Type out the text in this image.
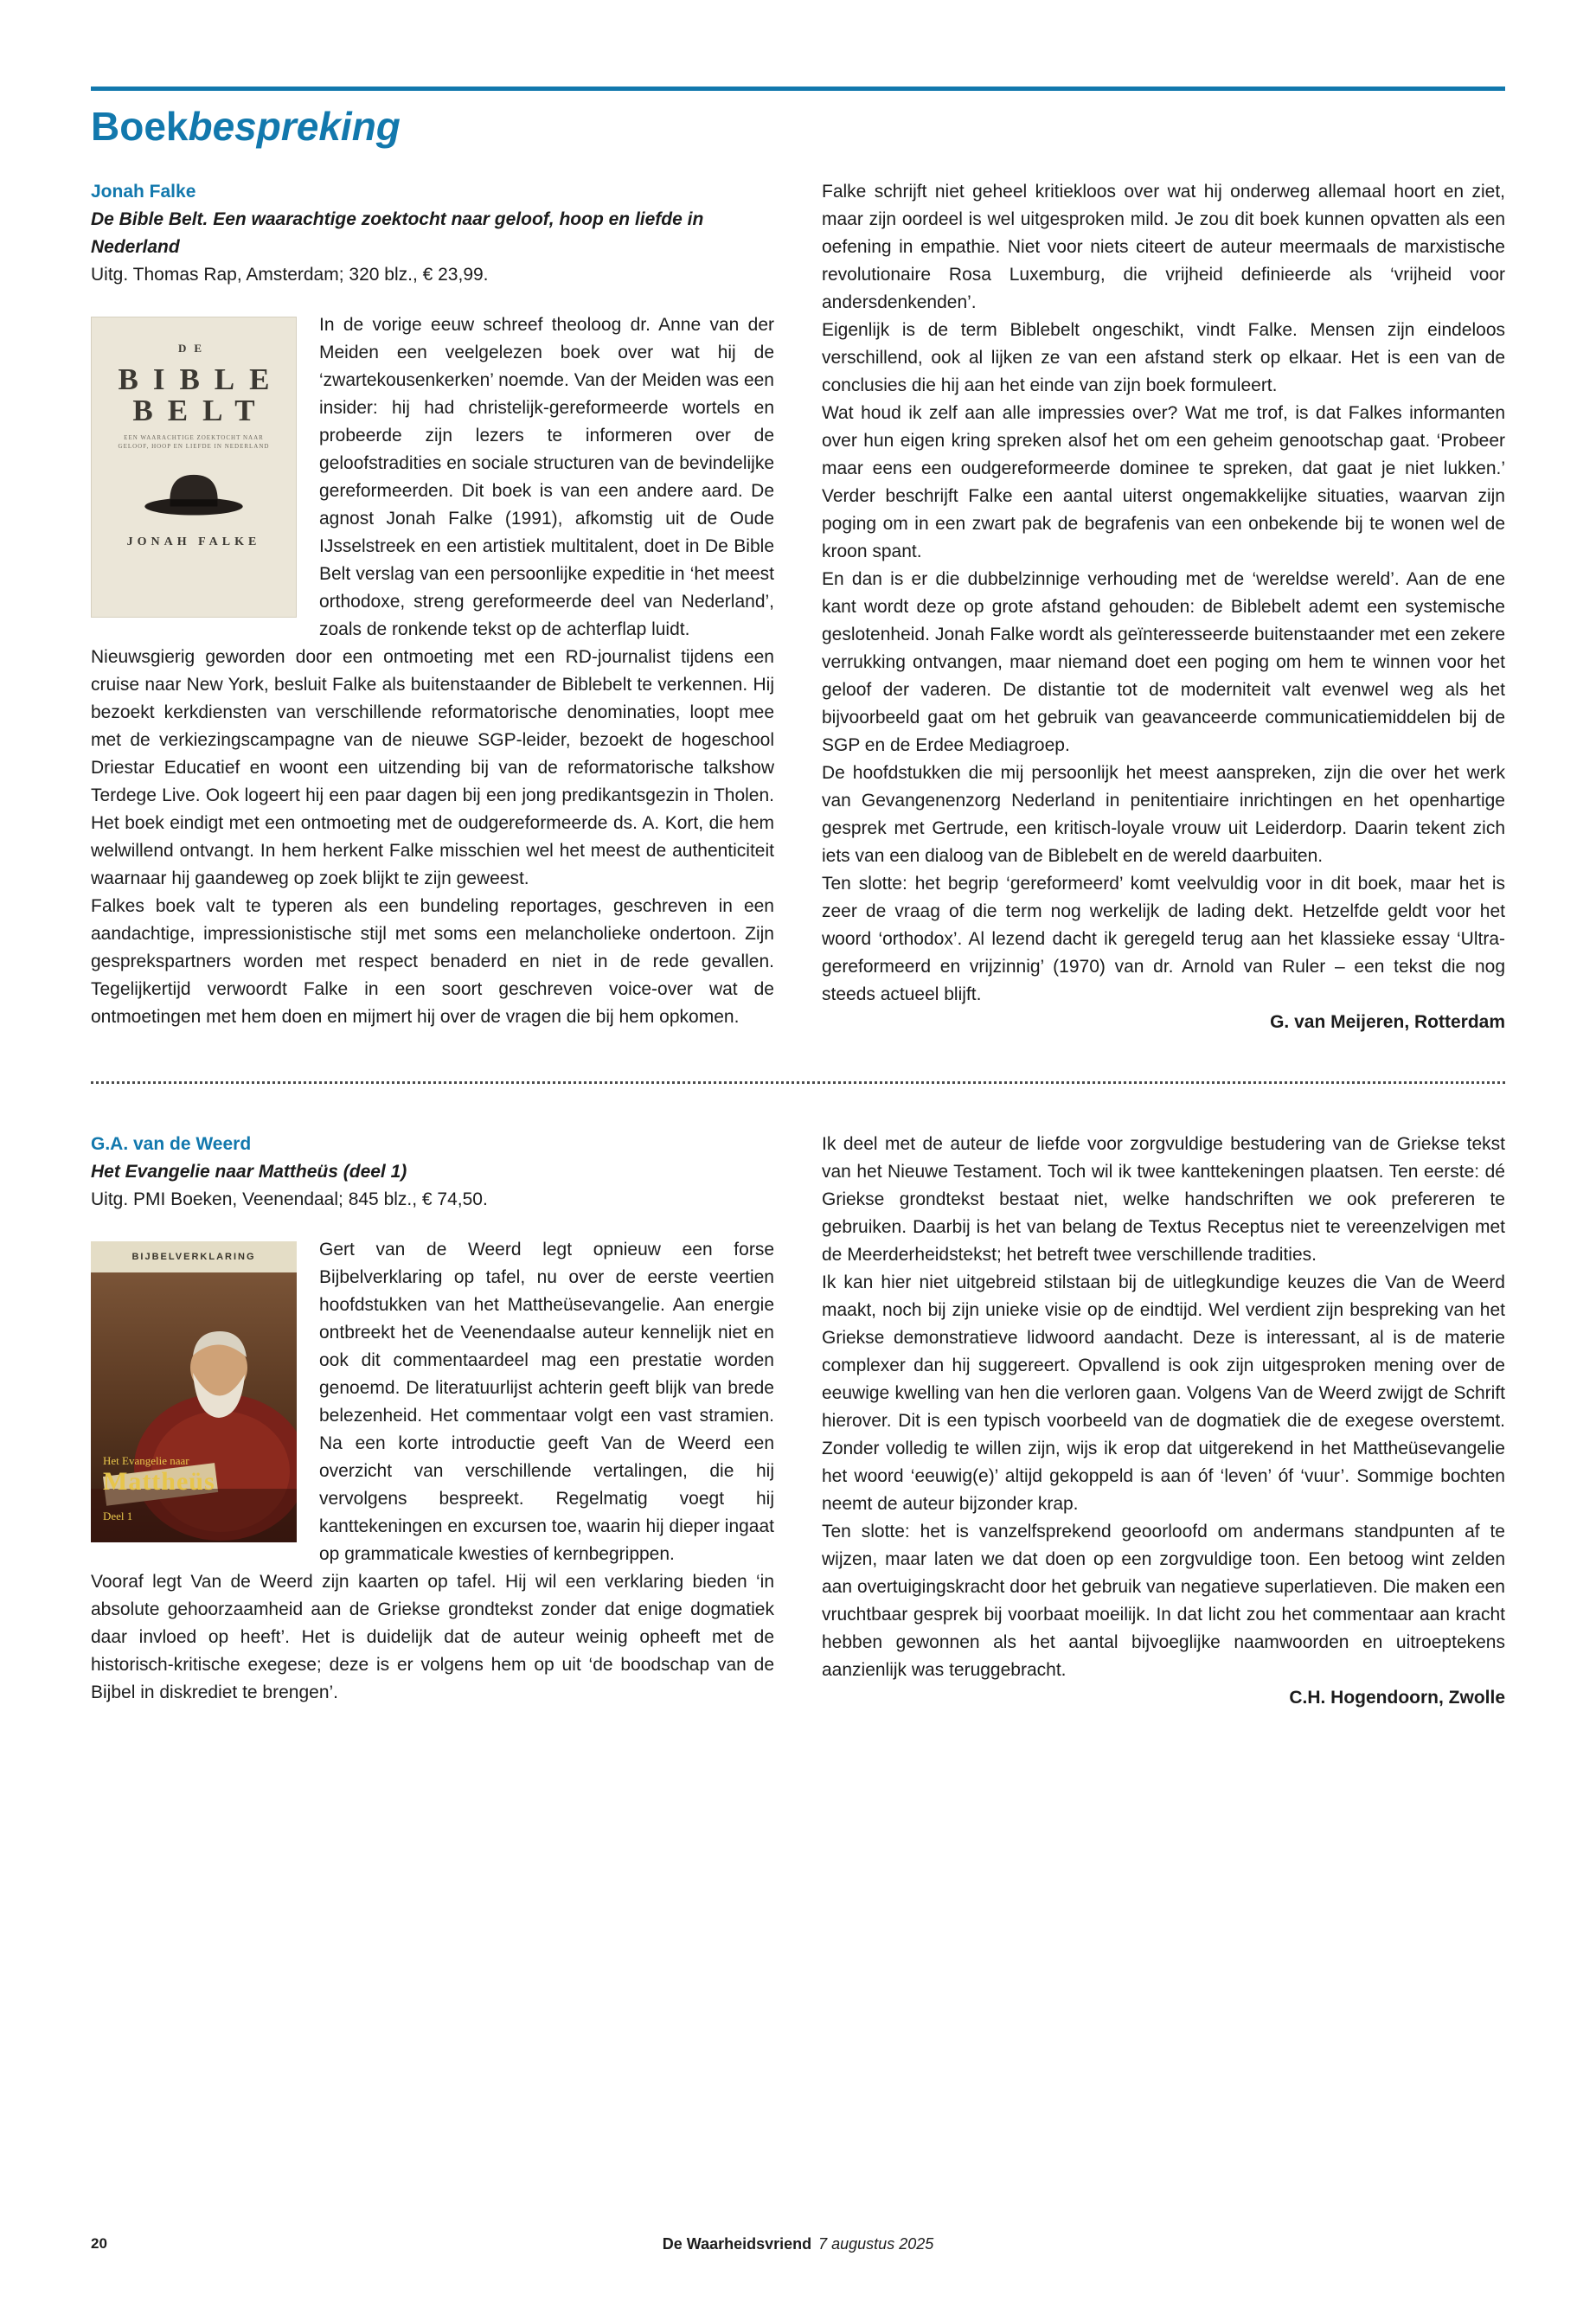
Boekbespreking
Jonah Falke
De Bible Belt. Een waarachtige zoektocht naar geloof, hoop en liefde in Nederland
Uitg. Thomas Rap, Amsterdam; 320 blz., € 23,99.
DE
BIBLE
BELT
EEN WAARACHTIGE ZOEKTOCHT NAAR GELOOF, HOOP EN LIEFDE IN NEDERLAND
JONAH FALKE

In de vorige eeuw schreef theoloog dr. Anne van der Meiden een veelgelezen boek over wat hij de ‘zwartekousenkerken’ noemde. Van der Meiden was een insider: hij had christelijk-gereformeerde wortels en probeerde zijn lezers te informeren over de geloofstradities en sociale structuren van de bevindelijke gereformeerden. Dit boek is van een andere aard. De agnost Jonah Falke (1991), afkomstig uit de Oude IJsselstreek en een artistiek multitalent, doet in De Bible Belt verslag van een persoonlijke expeditie in ‘het meest orthodoxe, streng gereformeerde deel van Nederland’, zoals de ronkende tekst op de achterflap luidt.

Nieuwsgierig geworden door een ontmoeting met een RD-journalist tijdens een cruise naar New York, besluit Falke als buitenstaander de Biblebelt te verkennen. Hij bezoekt kerkdiensten van verschillende reformatorische denominaties, loopt mee met de verkiezingscampagne van de nieuwe SGP-leider, bezoekt de hogeschool Driestar Educatief en woont een uitzending bij van de reformatorische talkshow Terdege Live. Ook logeert hij een paar dagen bij een jong predikantsgezin in Tholen. Het boek eindigt met een ontmoeting met de oudgereformeerde ds. A. Kort, die hem welwillend ontvangt. In hem herkent Falke misschien wel het meest de authenticiteit waarnaar hij gaandeweg op zoek blijkt te zijn geweest.

Falkes boek valt te typeren als een bundeling reportages, geschreven in een aandachtige, impressionistische stijl met soms een melancholieke ondertoon. Zijn gesprekspartners worden met respect benaderd en niet in de rede gevallen. Tegelijkertijd verwoordt Falke in een soort geschreven voice-over wat de ontmoetingen met hem doen en mijmert hij over de vragen die bij hem opkomen.

Falke schrijft niet geheel kritiekloos over wat hij onderweg allemaal hoort en ziet, maar zijn oordeel is wel uitgesproken mild. Je zou dit boek kunnen opvatten als een oefening in empathie. Niet voor niets citeert de auteur meermaals de marxistische revolutionaire Rosa Luxemburg, die vrijheid definieerde als ‘vrijheid voor andersdenkenden’.

Eigenlijk is de term Biblebelt ongeschikt, vindt Falke. Mensen zijn eindeloos verschillend, ook al lijken ze van een afstand sterk op elkaar. Het is een van de conclusies die hij aan het einde van zijn boek formuleert.

Wat houd ik zelf aan alle impressies over? Wat me trof, is dat Falkes informanten over hun eigen kring spreken alsof het om een geheim genootschap gaat. ‘Probeer maar eens een oudgereformeerde dominee te spreken, dat gaat je niet lukken.’ Verder beschrijft Falke een aantal uiterst ongemakkelijke situaties, waarvan zijn poging om in een zwart pak de begrafenis van een onbekende bij te wonen wel de kroon spant.

En dan is er die dubbelzinnige verhouding met de ‘wereldse wereld’. Aan de ene kant wordt deze op grote afstand gehouden: de Biblebelt ademt een systemische geslotenheid. Jonah Falke wordt als geïnteresseerde buitenstaander met een zekere verrukking ontvangen, maar niemand doet een poging om hem te winnen voor het geloof der vaderen. De distantie tot de moderniteit valt evenwel weg als het bijvoorbeeld gaat om het gebruik van geavanceerde communicatiemiddelen bij de SGP en de Erdee Mediagroep.

De hoofdstukken die mij persoonlijk het meest aanspreken, zijn die over het werk van Gevangenenzorg Nederland in penitentiaire inrichtingen en het openhartige gesprek met Gertrude, een kritisch-loyale vrouw uit Leiderdorp. Daarin tekent zich iets van een dialoog van de Biblebelt en de wereld daarbuiten.

Ten slotte: het begrip ‘gereformeerd’ komt veelvuldig voor in dit boek, maar het is zeer de vraag of die term nog werkelijk de lading dekt. Hetzelfde geldt voor het woord ‘orthodox’. Al lezend dacht ik geregeld terug aan het klassieke essay ‘Ultra-gereformeerd en vrijzinnig’ (1970) van dr. Arnold van Ruler – een tekst die nog steeds actueel blijft.

G. van Meijeren, Rotterdam

G.A. van de Weerd
Het Evangelie naar Mattheüs (deel 1)
Uitg. PMI Boeken, Veenendaal; 845 blz., € 74,50.
BIJBELVERKLARING
Het Evangelie naar
Mattheüs
Deel 1

Gert van de Weerd legt opnieuw een forse Bijbelverklaring op tafel, nu over de eerste veertien hoofdstukken van het Mattheüsevangelie. Aan energie ontbreekt het de Veenendaalse auteur kennelijk niet en ook dit commentaardeel mag een prestatie worden genoemd. De literatuurlijst achterin geeft blijk van brede belezenheid. Het commentaar volgt een vast stramien. Na een korte introductie geeft Van de Weerd een overzicht van verschillende vertalingen, die hij vervolgens bespreekt. Regelmatig voegt hij kanttekeningen en excursen toe, waarin hij dieper ingaat op grammaticale kwesties of kernbegrippen.

Vooraf legt Van de Weerd zijn kaarten op tafel. Hij wil een verklaring bieden ‘in absolute gehoorzaamheid aan de Griekse grondtekst zonder dat enige dogmatiek daar invloed op heeft’. Het is duidelijk dat de auteur weinig opheeft met de historisch-kritische exegese; deze is er volgens hem op uit ‘de boodschap van de Bijbel in diskrediet te brengen’.

Ik deel met de auteur de liefde voor zorgvuldige bestudering van de Griekse tekst van het Nieuwe Testament. Toch wil ik twee kanttekeningen plaatsen. Ten eerste: dé Griekse grondtekst bestaat niet, welke handschriften we ook prefereren te gebruiken. Daarbij is het van belang de Textus Receptus niet te vereenzelvigen met de Meerderheidstekst; het betreft twee verschillende tradities.

Ik kan hier niet uitgebreid stilstaan bij de uitlegkundige keuzes die Van de Weerd maakt, noch bij zijn unieke visie op de eindtijd. Wel verdient zijn bespreking van het Griekse demonstratieve lidwoord aandacht. Deze is interessant, al is de materie complexer dan hij suggereert. Opvallend is ook zijn uitgesproken mening over de eeuwige kwelling van hen die verloren gaan. Volgens Van de Weerd zwijgt de Schrift hierover. Dit is een typisch voorbeeld van de dogmatiek die de exegese overstemt. Zonder volledig te willen zijn, wijs ik erop dat uitgerekend in het Mattheüsevangelie het woord ‘eeuwig(e)’ altijd gekoppeld is aan óf ‘leven’ óf ‘vuur’. Sommige bochten neemt de auteur bijzonder krap.

Ten slotte: het is vanzelfsprekend geoorloofd om andermans standpunten af te wijzen, maar laten we dat doen op een zorgvuldige toon. Een betoog wint zelden aan overtuigingskracht door het gebruik van negatieve superlatieven. Die maken een vruchtbaar gesprek bij voorbaat moeilijk. In dat licht zou het commentaar aan kracht hebben gewonnen als het aantal bijvoeglijke naamwoorden en uitroeptekens aanzienlijk was teruggebracht.

C.H. Hogendoorn, Zwolle

20	De Waarheidsvriend 7 augustus 2025
